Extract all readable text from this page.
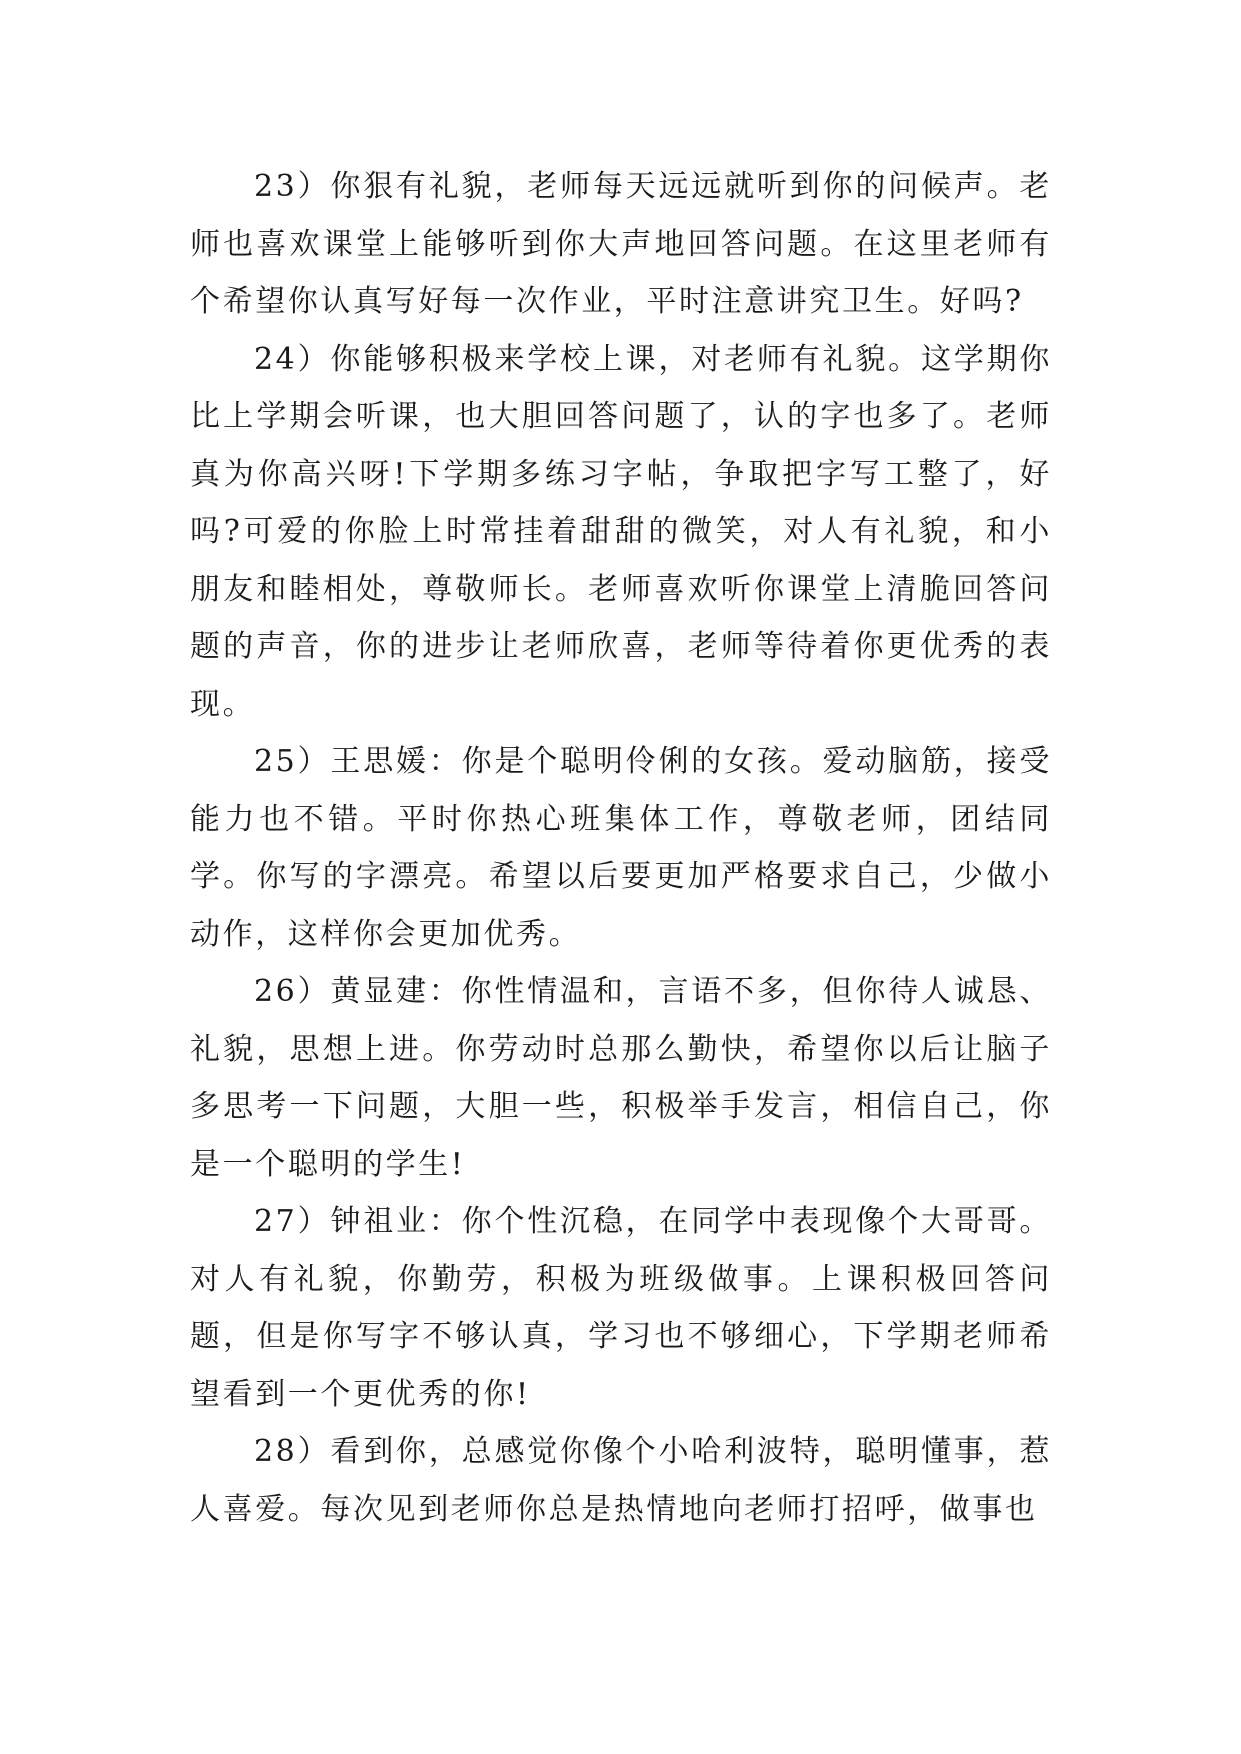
23）你狠有礼貌，老师每天远远就听到你的问候声。老师也喜欢课堂上能够听到你大声地回答问题。在这里老师有个希望你认真写好每一次作业，平时注意讲究卫生。好吗?

24）你能够积极来学校上课，对老师有礼貌。这学期你比上学期会听课，也大胆回答问题了，认的字也多了。老师真为你高兴呀!下学期多练习字帖，争取把字写工整了，好吗?可爱的你脸上时常挂着甜甜的微笑，对人有礼貌，和小朋友和睦相处，尊敬师长。老师喜欢听你课堂上清脆回答问题的声音，你的进步让老师欣喜，老师等待着你更优秀的表现。

25）王思媛：你是个聪明伶俐的女孩。爱动脑筋，接受能力也不错。平时你热心班集体工作，尊敬老师，团结同学。你写的字漂亮。希望以后要更加严格要求自己，少做小动作，这样你会更加优秀。

26）黄显建：你性情温和，言语不多，但你待人诚恳、礼貌，思想上进。你劳动时总那么勤快，希望你以后让脑子多思考一下问题，大胆一些，积极举手发言，相信自己，你是一个聪明的学生!

27）钟祖业：你个性沉稳，在同学中表现像个大哥哥。对人有礼貌，你勤劳，积极为班级做事。上课积极回答问题，但是你写字不够认真，学习也不够细心，下学期老师希望看到一个更优秀的你!

28）看到你，总感觉你像个小哈利波特，聪明懂事，惹人喜爱。每次见到老师你总是热情地向老师打招呼，做事也
